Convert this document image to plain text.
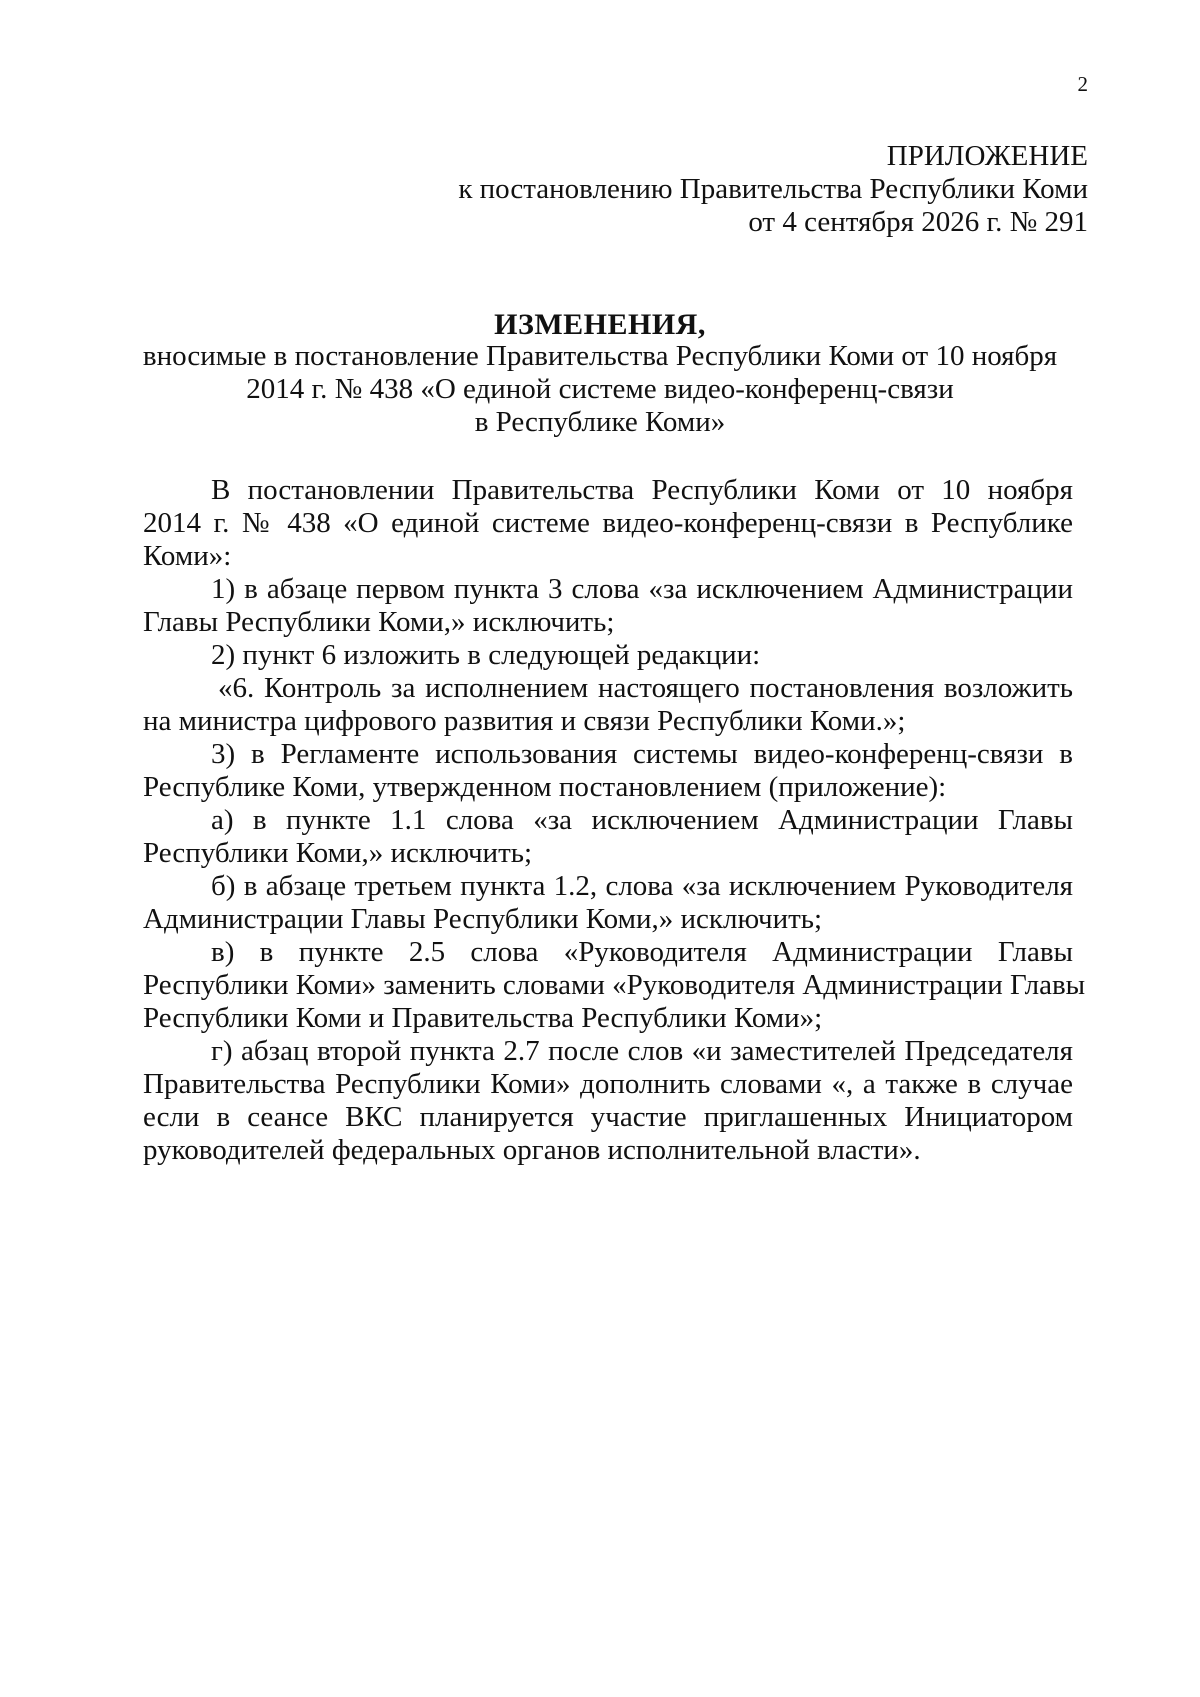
2
ПРИЛОЖЕНИЕ
к постановлению Правительства Республики Коми
от 4 сентября 2026 г. № 291
ИЗМЕНЕНИЯ,
вносимые в постановление Правительства Республики Коми от 10 ноября
2014 г. № 438 «О единой системе видео-конференц-связи
в Республике Коми»
В постановлении Правительства Республики Коми от 10 ноября
2014 г. № 438 «О единой системе видео-конференц-связи в Республике
Коми»:
1) в абзаце первом пункта 3 слова «за исключением Администрации
Главы Республики Коми,» исключить;
2) пункт 6 изложить в следующей редакции:
«6. Контроль за исполнением настоящего постановления возложить
на министра цифрового развития и связи Республики Коми.»;
3) в Регламенте использования системы видео-конференц-связи в
Республике Коми, утвержденном постановлением (приложение):
а) в пункте 1.1 слова «за исключением Администрации Главы
Республики Коми,» исключить;
б) в абзаце третьем пункта 1.2, слова «за исключением Руководителя
Администрации Главы Республики Коми,» исключить;
в) в пункте 2.5 слова «Руководителя Администрации Главы
Республики Коми» заменить словами «Руководителя Администрации Главы
Республики Коми и Правительства Республики Коми»;
г) абзац второй пункта 2.7 после слов «и заместителей Председателя
Правительства Республики Коми» дополнить словами «, а также в случае
если в сеансе ВКС планируется участие приглашенных Инициатором
руководителей федеральных органов исполнительной власти».
